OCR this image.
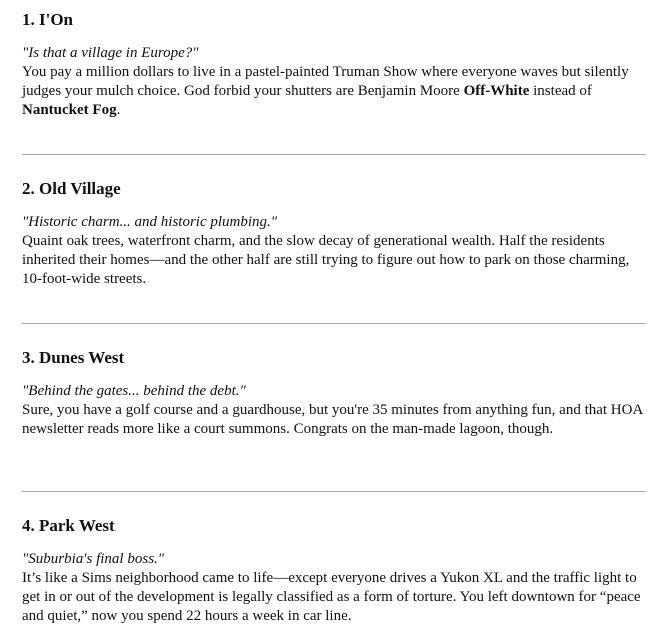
1. I'On

"Is that a village in Europe?"

You pay a million dollars to live in a pastel-painted Truman Show where everyone waves but silently judges your mulch choice. God forbid your shutters are Benjamin Moore Off-White instead of Nantucket Fog.

2. Old Village

"Historic charm... and historic plumbing."

Quaint oak trees, waterfront charm, and the slow decay of generational wealth. Half the residents inherited their homes—and the other half are still trying to figure out how to park on those charming, 10-foot-wide streets.

3. Dunes West

"Behind the gates... behind the debt."

Sure, you have a golf course and a guardhouse, but you're 35 minutes from anything fun, and that HOA newsletter reads more like a court summons. Congrats on the man-made lagoon, though.

4. Park West

"Suburbia's final boss."

It’s like a Sims neighborhood came to life—except everyone drives a Yukon XL and the traffic light to get in or out of the development is legally classified as a form of torture. You left downtown for “peace and quiet,” now you spend 22 hours a week in car line.
